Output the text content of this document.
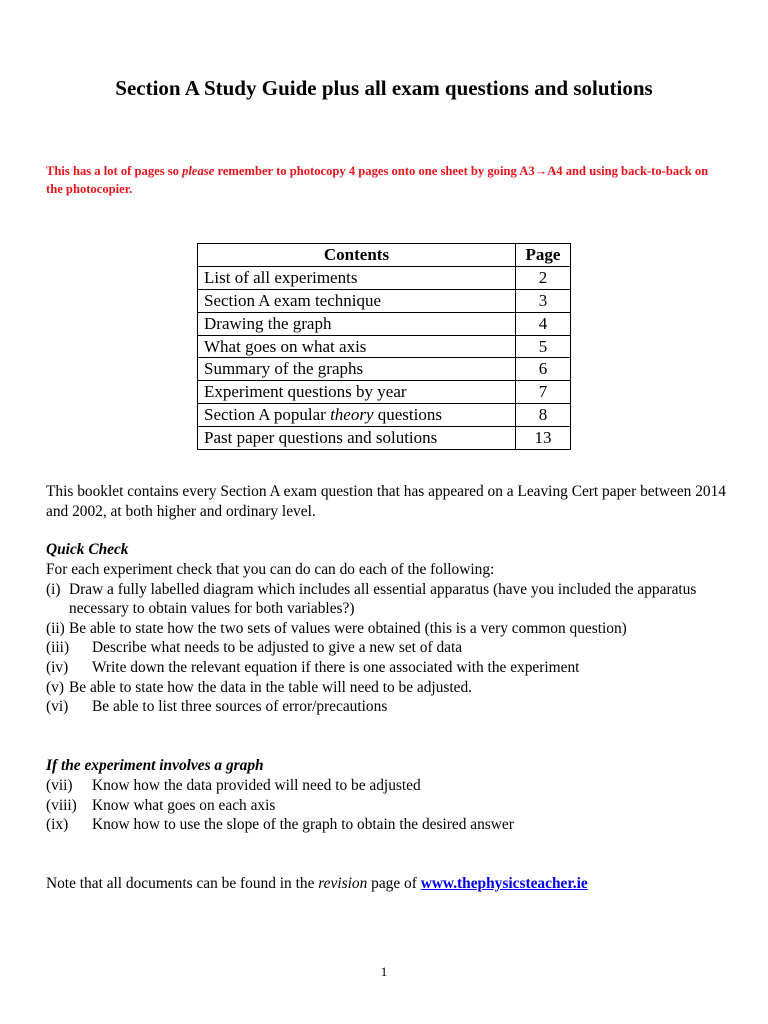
Section A Study Guide plus all exam questions and solutions
This has a lot of pages so please remember to photocopy 4 pages onto one sheet by going A3→A4 and using back-to-back on the photocopier.
Contents	Page
List of all experiments	2
Section A exam technique	3
Drawing the graph	4
What goes on what axis	5
Summary of the graphs	6
Experiment questions by year	7
Section A popular theory questions	8
Past paper questions and solutions	13
This booklet contains every Section A exam question that has appeared on a Leaving Cert paper between 2014 and 2002, at both higher and ordinary level.
Quick Check
For each experiment check that you can do can do each of the following:
(i) Draw a fully labelled diagram which includes all essential apparatus (have you included the apparatus necessary to obtain values for both variables?)
(ii) Be able to state how the two sets of values were obtained (this is a very common question)
(iii)	Describe what needs to be adjusted to give a new set of data
(iv)	Write down the relevant equation if there is one associated with the experiment
(v) Be able to state how the data in the table will need to be adjusted.
(vi)	Be able to list three sources of error/precautions
If the experiment involves a graph
(vii)	Know how the data provided will need to be adjusted
(viii) Know what goes on each axis
(ix)	Know how to use the slope of the graph to obtain the desired answer
Note that all documents can be found in the revision page of www.thephysicsteacher.ie
1
